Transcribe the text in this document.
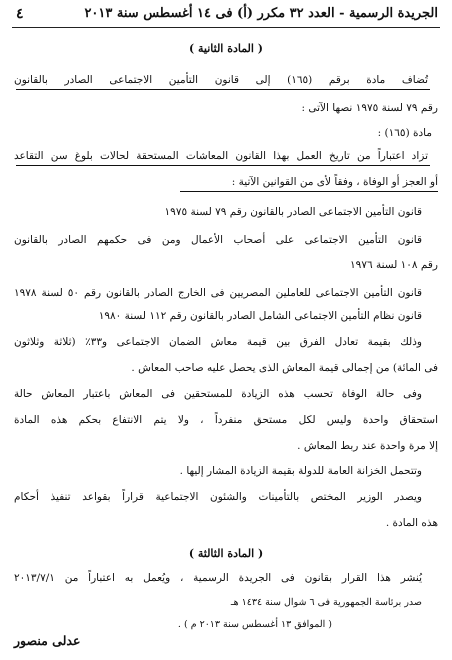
الجريدة الرسمية - العدد ٣٢ مكرر (أ) فى ١٤ أغسطس سنة ٢٠١٣
٤
( المادة الثانية )
تُضاف مادة برقم (١٦٥) إلى قانون التأمين الاجتماعى الصادر بالقانون
رقم ٧٩ لسنة ١٩٧٥ نصها الآتى :
مادة (١٦٥) :
تزاد اعتباراً من تاريخ العمل بهذا القانون المعاشات المستحقة لحالات بلوغ سن التقاعد
أو العجز أو الوفاة ، وفقاً لأى من القوانين الآتية :
قانون التأمين الاجتماعى الصادر بالقانون رقم ٧٩ لسنة ١٩٧٥
قانون التأمين الاجتماعى على أصحاب الأعمال ومن فى حكمهم الصادر بالقانون
رقم ١٠٨ لسنة ١٩٧٦
قانون التأمين الاجتماعى للعاملين المصريين فى الخارج الصادر بالقانون رقم ٥٠ لسنة ١٩٧٨
قانون نظام التأمين الاجتماعى الشامل الصادر بالقانون رقم ١١٢ لسنة ١٩٨٠
وذلك بقيمة تعادل الفرق بين قيمة معاش الضمان الاجتماعى و٣٣٪ (ثلاثة وثلاثون
فى المائة) من إجمالى قيمة المعاش الذى يحصل عليه صاحب المعاش .
وفى حالة الوفاة تحسب هذه الزيادة للمستحقين فى المعاش باعتبار المعاش حالة
استحقاق واحدة وليس لكل مستحق منفرداً ، ولا يتم الانتفاع بحكم هذه المادة
إلا مرة واحدة عند ربط المعاش .
وتتحمل الخزانة العامة للدولة بقيمة الزيادة المشار إليها .
ويصدر الوزير المختص بالتأمينات والشئون الاجتماعية قراراً بقواعد تنفيذ أحكام
هذه المادة .
( المادة الثالثة )
يُنشر هذا القرار بقانون فى الجريدة الرسمية ، ويُعمل به اعتباراً من ٢٠١٣/٧/١
صدر برئاسة الجمهورية فى ٦ شوال سنة ١٤٣٤ هـ
( الموافق ١٣ أغسطس سنة ٢٠١٣ م ) .
عدلى منصور
